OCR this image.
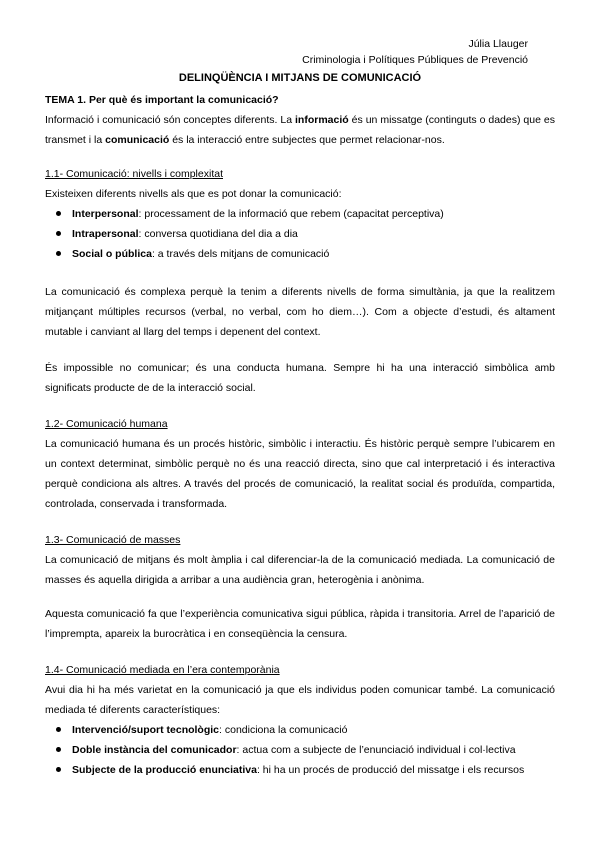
Júlia Llauger
Criminologia i Polítiques Públiques de Prevenció
DELINQÜÈNCIA I MITJANS DE COMUNICACIÓ
TEMA 1. Per què és important la comunicació?

Informació i comunicació són conceptes diferents. La informació és un missatge (continguts o dades) que es transmet i la comunicació és la interacció entre subjectes que permet relacionar-nos.

1.1- Comunicació: nivells i complexitat
Existeixen diferents nivells als que es pot donar la comunicació:
Interpersonal: processament de la informació que rebem (capacitat perceptiva)
Intrapersonal: conversa quotidiana del dia a dia
Social o pública: a través dels mitjans de comunicació
La comunicació és complexa perquè la tenim a diferents nivells de forma simultània, ja que la realitzem mitjançant múltiples recursos (verbal, no verbal, com ho diem…). Com a objecte d’estudi, és altament mutable i canviant al llarg del temps i depenent del context.
És impossible no comunicar; és una conducta humana. Sempre hi ha una interacció simbòlica amb significats producte de de la interacció social.
1.2- Comunicació humana

La comunicació humana és un procés històric, simbòlic i interactiu. És històric perquè sempre l’ubicarem en un context determinat, simbòlic perquè no és una reacció directa, sino que cal interpretació i és interactiva perquè condiciona als altres. A través del procés de comunicació, la realitat social és produïda, compartida, controlada, conservada i transformada.

1.3- Comunicació de masses

La comunicació de mitjans és molt àmplia i cal diferenciar-la de la comunicació mediada. La comunicació de masses és aquella dirigida a arribar a una audiència gran, heterogènia i anònima.

Aquesta comunicació fa que l’experiència comunicativa sigui pública, ràpida i transitoria. Arrel de l’aparició de l’imprempta, apareix la burocràtica i en conseqüència la censura.
1.4- Comunicació mediada en l’era contemporània

Avui dia hi ha més varietat en la comunicació ja que els individus poden comunicar també. La comunicació mediada té diferents característiques:

Intervenció/suport tecnològic: condiciona la comunicació
Doble instància del comunicador: actua com a subjecte de l’enunciació individual i col·lectiva
Subjecte de la producció enunciativa: hi ha un procés de producció del missatge i els recursos
